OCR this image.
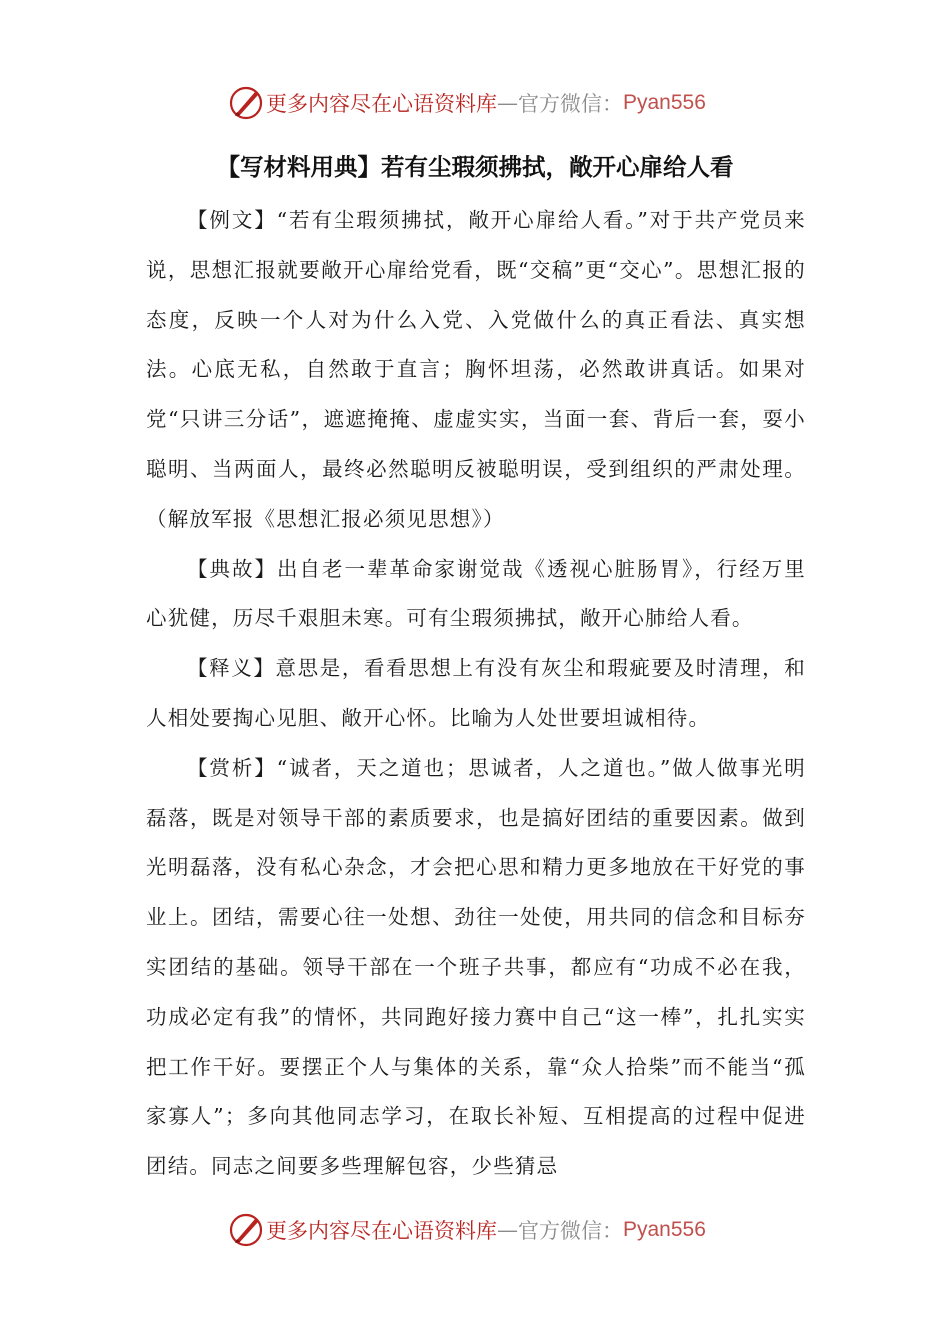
更多内容尽在心语资料库 — 官方微信： Pyan556
【写材料用典】若有尘瑕须拂拭，敞开心扉给人看

【例文】“若有尘瑕须拂拭，敞开心扉给人看。”对于共产党员来说，思想汇报就要敞开心扉给党看，既“交稿”更“交心”。思想汇报的态度，反映一个人对为什么入党、入党做什么的真正看法、真实想法。心底无私，自然敢于直言；胸怀坦荡，必然敢讲真话。如果对党“只讲三分话”，遮遮掩掩、虚虚实实，当面一套、背后一套，耍小聪明、当两面人，最终必然聪明反被聪明误，受到组织的严肃处理。（解放军报《思想汇报必须见思想》）

【典故】出自老一辈革命家谢觉哉《透视心脏肠胃》，行经万里心犹健，历尽千艰胆未寒。可有尘瑕须拂拭，敞开心肺给人看。

【释义】意思是，看看思想上有没有灰尘和瑕疵要及时清理，和人相处要掏心见胆、敞开心怀。比喻为人处世要坦诚相待。

【赏析】“诚者，天之道也；思诚者，人之道也。”做人做事光明磊落，既是对领导干部的素质要求，也是搞好团结的重要因素。做到光明磊落，没有私心杂念，才会把心思和精力更多地放在干好党的事业上。团结，需要心往一处想、劲往一处使，用共同的信念和目标夯实团结的基础。领导干部在一个班子共事，都应有“功成不必在我，功成必定有我”的情怀，共同跑好接力赛中自己“这一棒”，扎扎实实把工作干好。要摆正个人与集体的关系，靠“众人拾柴”而不能当“孤家寡人”；多向其他同志学习，在取长补短、互相提高的过程中促进团结。同志之间要多些理解包容，少些猜忌

更多内容尽在心语资料库 — 官方微信： Pyan556
